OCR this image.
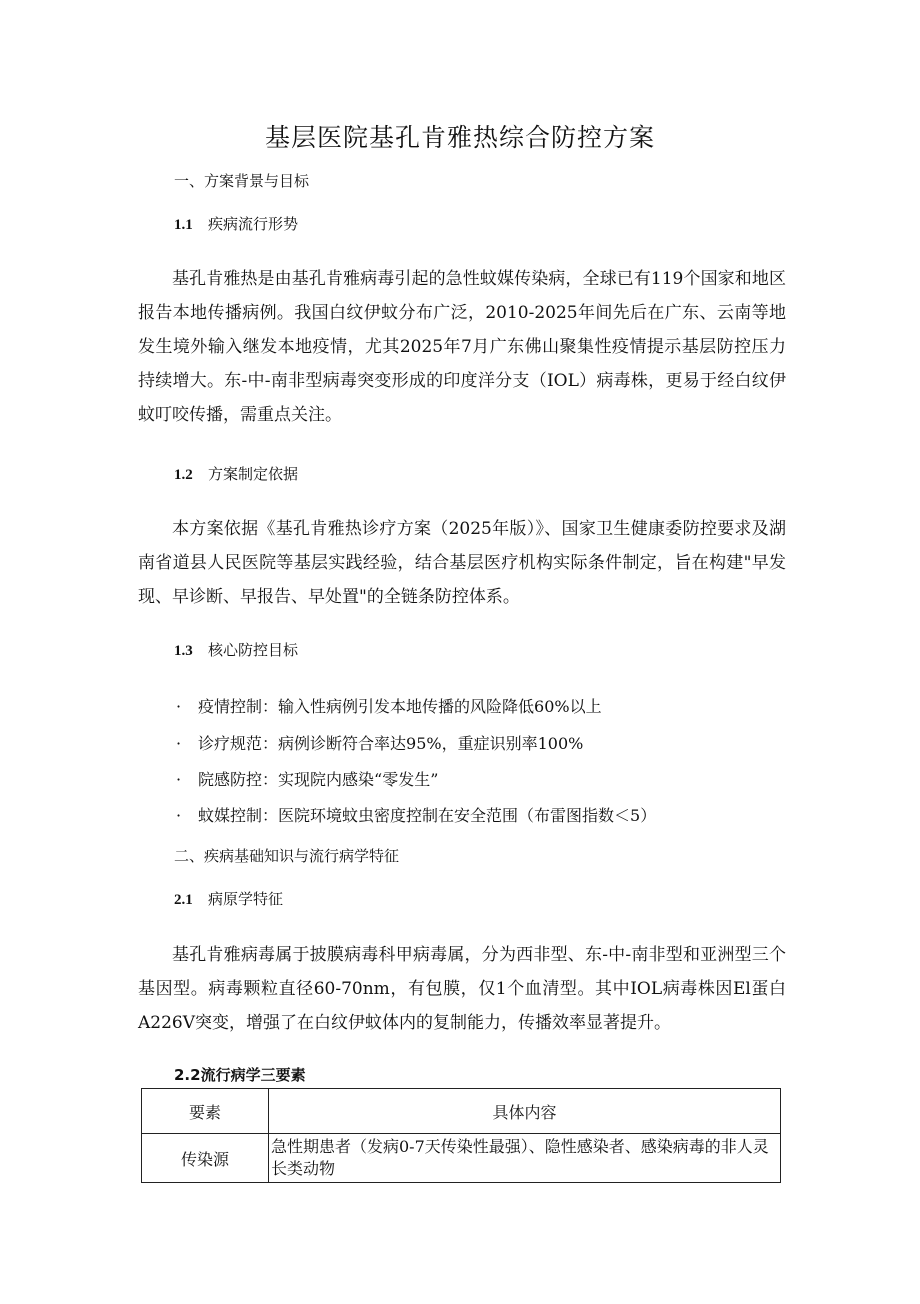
基层医院基孔肯雅热综合防控方案
一、方案背景与目标
1.1 疾病流行形势
基孔肯雅热是由基孔肯雅病毒引起的急性蚊媒传染病，全球已有119个国家和地区报告本地传播病例。我国白纹伊蚊分布广泛，2010-2025年间先后在广东、云南等地发生境外输入继发本地疫情，尤其2025年7月广东佛山聚集性疫情提示基层防控压力持续增大。东-中-南非型病毒突变形成的印度洋分支（IOL）病毒株，更易于经白纹伊蚊叮咬传播，需重点关注。
1.2 方案制定依据
本方案依据《基孔肯雅热诊疗方案（2025年版）》、国家卫生健康委防控要求及湖南省道县人民医院等基层实践经验，结合基层医疗机构实际条件制定，旨在构建"早发现、早诊断、早报告、早处置"的全链条防控体系。
1.3 核心防控目标
· 疫情控制：输入性病例引发本地传播的风险降低60%以上
· 诊疗规范：病例诊断符合率达95%，重症识别率100%
· 院感防控：实现院内感染“零发生”
· 蚊媒控制：医院环境蚊虫密度控制在安全范围（布雷图指数＜5）
二、疾病基础知识与流行病学特征
2.1 病原学特征
基孔肯雅病毒属于披膜病毒科甲病毒属，分为西非型、东-中-南非型和亚洲型三个基因型。病毒颗粒直径60-70nm，有包膜，仅1个血清型。其中IOL病毒株因El蛋白A226V突变，增强了在白纹伊蚊体内的复制能力，传播效率显著提升。
2.2流行病学三要素
要素	具体内容
传染源	急性期患者（发病0-7天传染性最强）、隐性感染者、感染病毒的非人灵长类动物
